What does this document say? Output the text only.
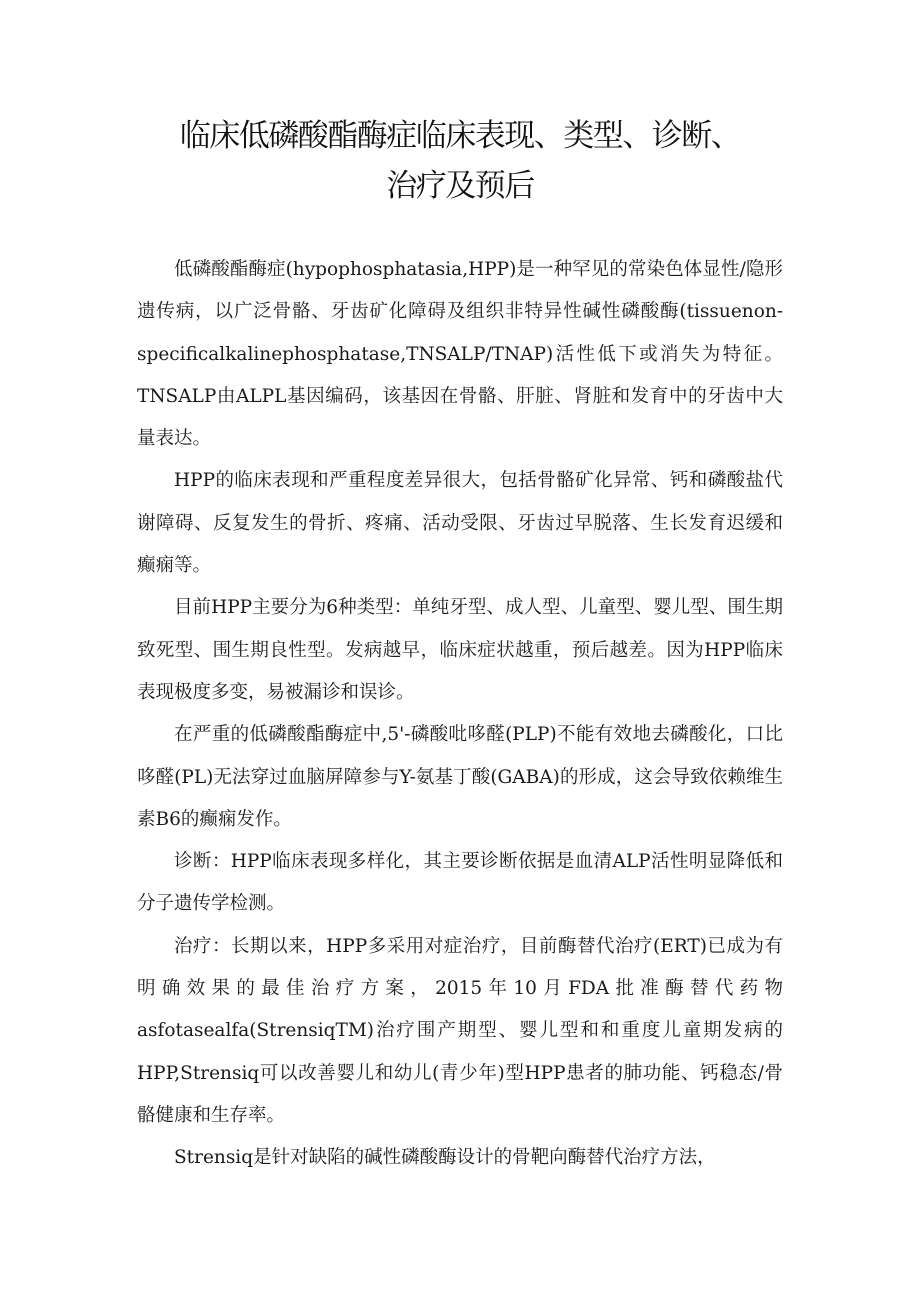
临床低磷酸酯酶症临床表现、类型、诊断、
治疗及预后

低磷酸酯酶症(hypophosphatasia,HPP)是一种罕见的常染色体显性/隐形遗传病，以广泛骨骼、牙齿矿化障碍及组织非特异性碱性磷酸酶(tissuenon-specificalkalinephosphatase,TNSALP/TNAP)活性低下或消失为特征。TNSALP由ALPL基因编码，该基因在骨骼、肝脏、肾脏和发育中的牙齿中大量表达。

HPP的临床表现和严重程度差异很大，包括骨骼矿化异常、钙和磷酸盐代谢障碍、反复发生的骨折、疼痛、活动受限、牙齿过早脱落、生长发育迟缓和癫痫等。

目前HPP主要分为6种类型：单纯牙型、成人型、儿童型、婴儿型、围生期致死型、围生期良性型。发病越早，临床症状越重，预后越差。因为HPP临床表现极度多变，易被漏诊和误诊。

在严重的低磷酸酯酶症中,5'-磷酸吡哆醛(PLP)不能有效地去磷酸化，口比哆醛(PL)无法穿过血脑屏障参与Y-氨基丁酸(GABA)的形成，这会导致依赖维生素B6的癫痫发作。

诊断：HPP临床表现多样化，其主要诊断依据是血清ALP活性明显降低和分子遗传学检测。

治疗：长期以来，HPP多采用对症治疗，目前酶替代治疗(ERT)已成为有明确效果的最佳治疗方案，2015年10月FDA批准酶替代药物asfotasealfa(StrensiqTM)治疗围产期型、婴儿型和和重度儿童期发病的HPP,Strensiq可以改善婴儿和幼儿(青少年)型HPP患者的肺功能、钙稳态/骨骼健康和生存率。

Strensiq是针对缺陷的碱性磷酸酶设计的骨靶向酶替代治疗方法，
